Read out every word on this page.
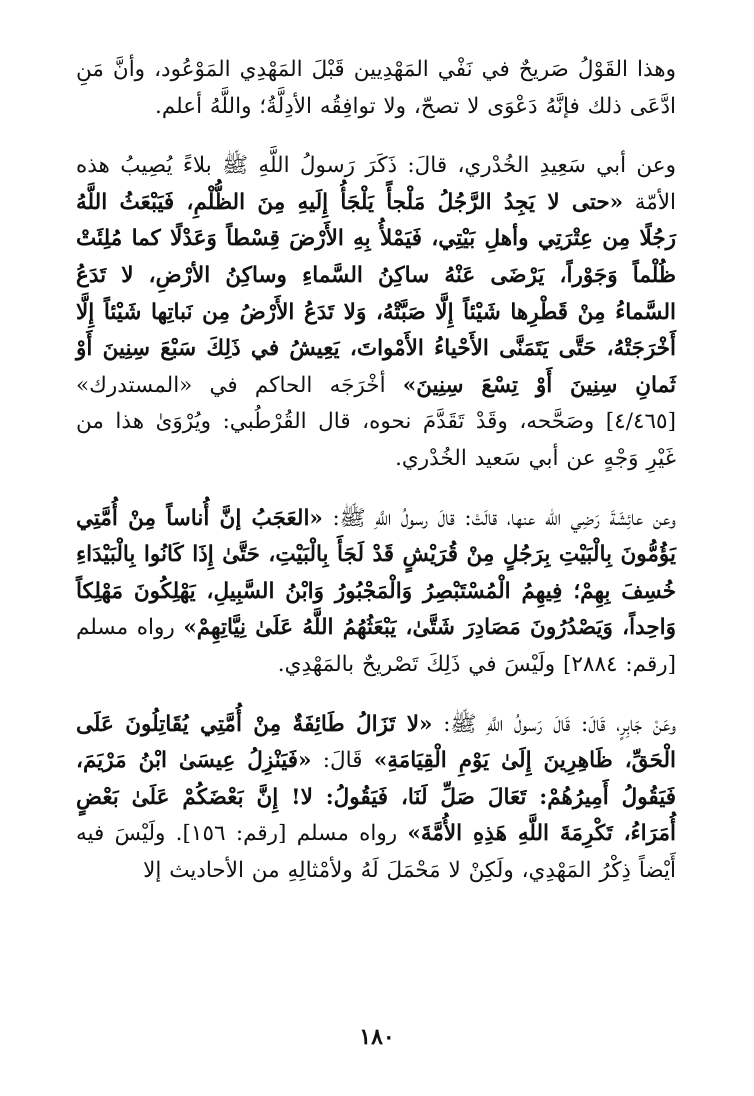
وهذا القَوْلُ صَريحٌ في نَفْي المَهْدِيين قَبْلَ المَهْدِي المَوْعُود، وأنَّ مَنِ ادَّعَى ذلك فإنَّهُ دَعْوَى لا تصحّ، ولا توافِقُه الأدِلَّةُ؛ واللَّهُ أعلم.

وعن أبي سَعِيدِ الخُدْري، قالَ: ذَكَرَ رَسولُ اللَّهِ ﷺ بلاءً يُصِيبُ هذه الأمّة «حتى لا يَجِدُ الرَّجُلُ مَلْجأً يَلْجَأُ إِلَيهِ مِنَ الظُّلْمِ، فَيَبْعَثُ اللَّهُ رَجُلًا مِن عِتْرَتِي وأهلِ بَيْتِي، فَيَمْلأُ بِهِ الأَرْضَ قِسْطاً وَعَدْلًا كما مُلِئَتْ ظُلْماً وَجَوْراً، يَرْضَى عَنْهُ ساكِنُ السَّماءِ وساكِنُ الأرْضِ، لا تَدَعُ السَّماءُ مِنْ قَطْرِها شَيْئاً إِلَّا صَبَّتْهُ، وَلا تَدَعُ الأَرْضُ مِن نَباتِها شَيْئاً إِلَّا أَخْرَجَتْهُ، حَتَّى يَتَمَنَّى الأَحْياءُ الأَمْواتَ، يَعِيشُ في ذَلِكَ سَبْعَ سِنِينَ أَوْ ثَمانِ سِنِينَ أَوْ تِسْعَ سِنِينَ» أخْرَجَه الحاكم في «المستدرك» [٤/٤٦٥] وصَحَّحه، وقَدْ تَقَدَّمَ نحوه، قال القُرْطُبي: ويُرْوَىٰ هذا من غَيْرِ وَجْهٍ عن أبي سَعيد الخُدْري.

وعن عائِشَةَ رَضِي الله عنها، قالَتْ: قالَ رسولُ اللَّهِ ﷺ: «العَجَبُ إنَّ أُناساً مِنْ أُمَّتِي يَؤُمُّونَ بِالْبَيْتِ بِرَجُلٍ مِنْ قُرَيْشٍ قَدْ لَجَأَ بِالْبَيْتِ، حَتَّىٰ إِذَا كَانُوا بِالْبَيْدَاءِ خُسِفَ بِهِمْ؛ فِيهِمُ الْمُسْتَبْصِرُ وَالْمَجْبُورُ وَابْنُ السَّبِيلِ، يَهْلِكُونَ مَهْلِكاً وَاحِداً، وَيَصْدُرُونَ مَصَادِرَ شَتَّىٰ، يَبْعَثُهُمُ اللَّهُ عَلَىٰ نِيَّاتِهِمْ» رواه مسلم [رقم: ٢٨٨٤] ولَيْسَ في ذَلِكَ تَصْريحٌ بالمَهْدِي.

وعَنْ جَابِرٍ، قَالَ: قَالَ رَسولُ اللَّهِ ﷺ: «لا تَزَالُ طَائِفَةٌ مِنْ أُمَّتِي يُقَاتِلُونَ عَلَى الْحَقِّ، ظَاهِرِينَ إِلَىٰ يَوْمِ الْقِيَامَةِ» قَالَ: «فَيَنْزِلُ عِيسَىٰ ابْنُ مَرْيَمَ، فَيَقُولُ أَمِيرُهُمْ: تَعَالَ صَلِّ لَنَا، فَيَقُولُ: لا! إِنَّ بَعْضَكُمْ عَلَىٰ بَعْضٍ أُمَرَاءُ، تَكْرِمَةَ اللَّهِ هَذِهِ الأُمَّةَ» رواه مسلم [رقم: ١٥٦]. ولَيْسَ فيه أَيْضاً ذِكْرُ المَهْدِي، ولَكِنْ لا مَحْمَلَ لَهُ ولأمْثالِهِ من الأحاديث إلا

١٨٠
